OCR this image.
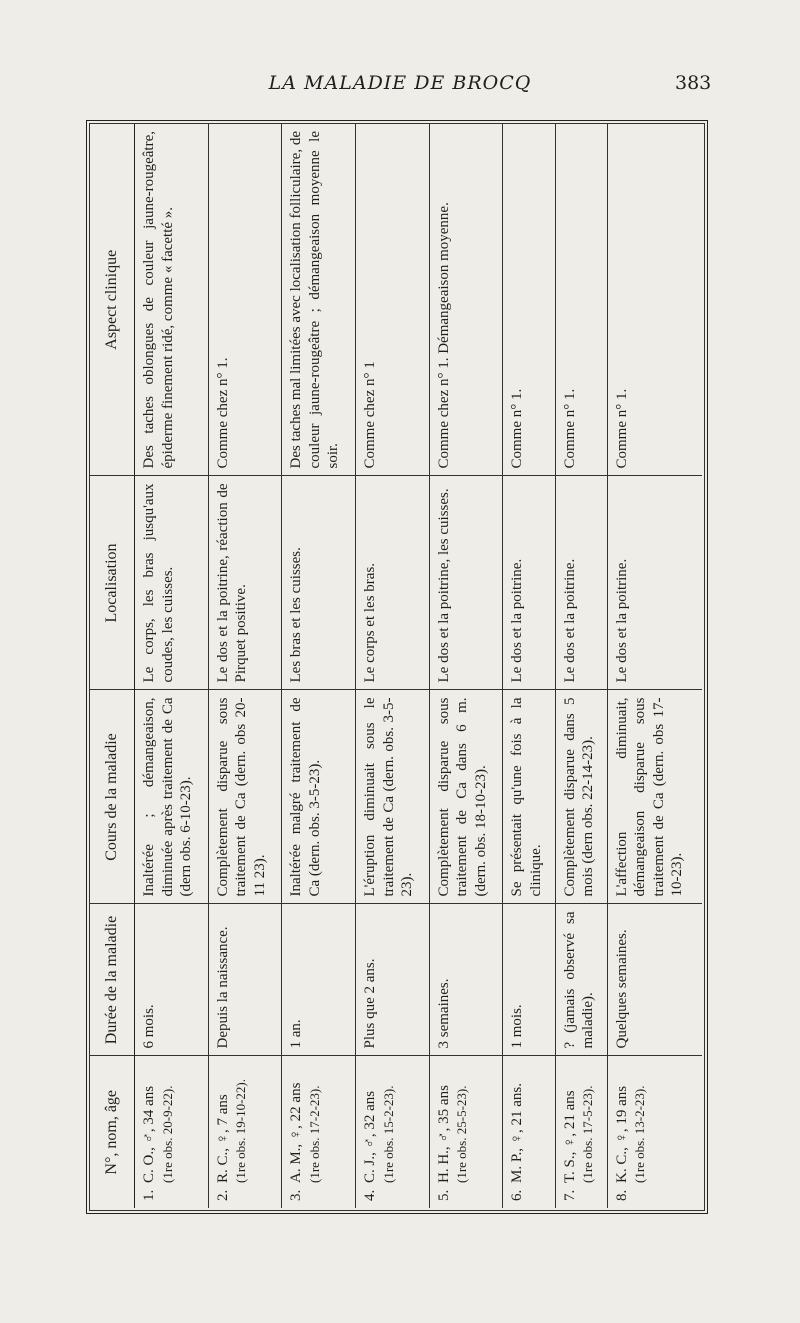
LA MALADIE DE BROCQ	383
N°, nom, âge	Durée de la maladie	Cours de la maladie	Localisation	Aspect clinique
1.C. O., ♂, 34 ans (1re obs. 20-9-22).	6 mois.	Inaltérée ; démangeaison, diminuée après traitement de Ca (dern obs. 6-10-23).	Le corps, les bras jusqu'aux coudes, les cuisses.	Des taches oblongues de couleur jaune-rougeâtre, épiderme finement ridé, comme « facetté ».
2.R. C., ♀, 7 ans (1re obs. 19-10-22).	Depuis la naissance.	Complètement disparue sous traitement de Ca (dern. obs 20-11 23).	Le dos et la poitrine, réaction de Pirquet positive.	Comme chez n° 1.
3.A. M., ♀, 22 ans (1re obs. 17-2-23).	1 an.	Inaltérée malgré traitement de Ca (dern. obs. 3-5-23).	Les bras et les cuisses.	Des taches mal limitées avec localisation folliculaire, de couleur jaune-rougeâtre ; démangeaison moyenne le soir.
4.C. J., ♂, 32 ans (1re obs. 15-2-23).	Plus que 2 ans.	L'éruption diminuait sous le traitement de Ca (dern. obs. 3-5-23).	Le corps et les bras.	Comme chez n° 1
5.H. H., ♂, 35 ans (1re obs. 25-5-23).	3 semaines.	Complètement disparue sous traitement de Ca dans 6 m. (dern. obs. 18-10-23).	Le dos et la poitrine, les cuisses.	Comme chez n° 1. Démangeaison moyenne.
6.M. P., ♀, 21 ans.	1 mois.	Se présentait qu'une fois à la clinique.	Le dos et la poitrine.	Comme n° 1.
7.T. S., ♀, 21 ans (1re obs. 17-5-23).	? (jamais observé sa maladie).	Complètement disparue dans 5 mois (dern obs. 22-14-23).	Le dos et la poitrine.	Comme n° 1.
8.K. C., ♀, 19 ans (1re obs. 13-2-23).	Quelques semaines.	L'affection diminuait, démangeaison disparue sous traitement de Ca (dern. obs 17-10-23).	Le dos et la poitrine.	Comme n° 1.
